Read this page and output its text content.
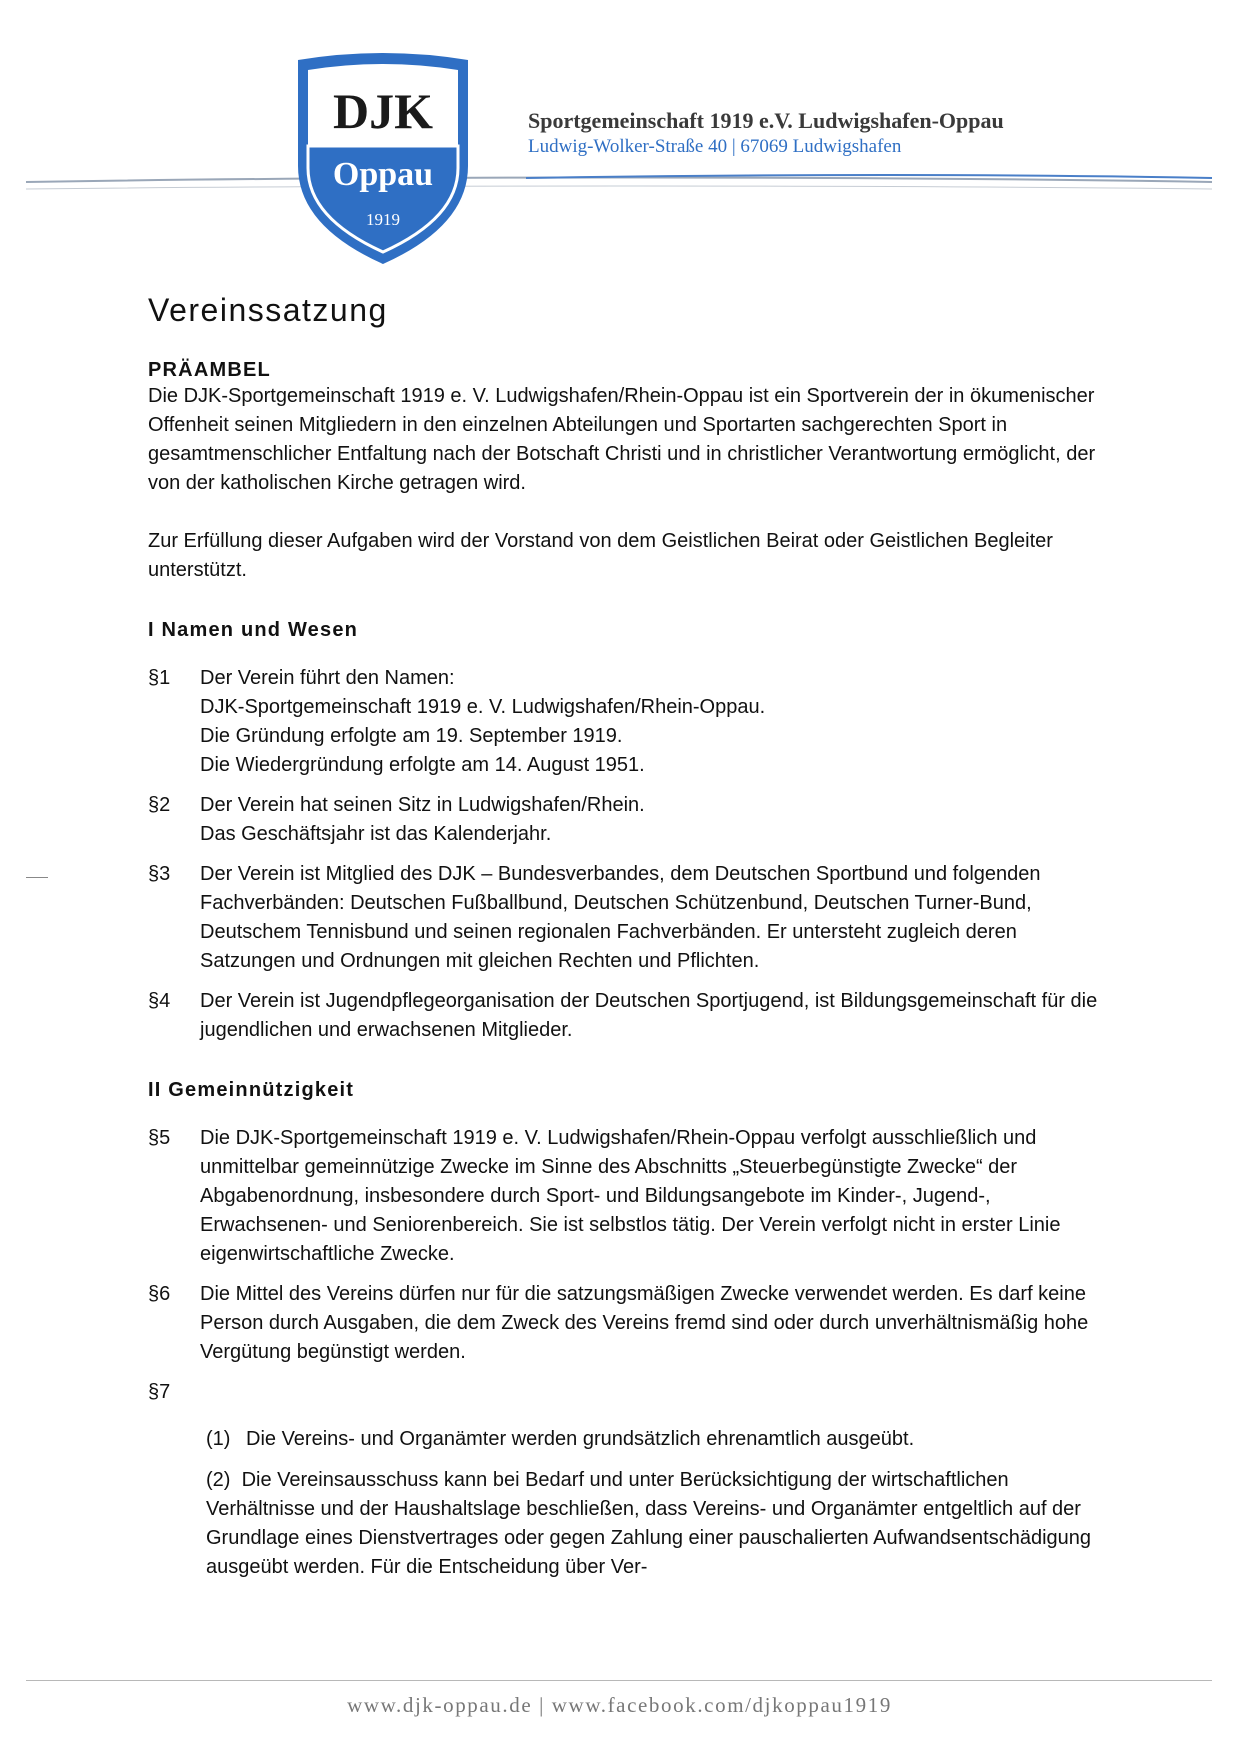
DJK
Oppau
1919
Sportgemeinschaft 1919 e.V. Ludwigshafen-Oppau
Ludwig-Wolker-Straße 40 | 67069 Ludwigshafen
Vereinssatzung
PRÄAMBEL

Die DJK-Sportgemeinschaft 1919 e. V. Ludwigshafen/Rhein-Oppau ist ein Sportverein der in ökumenischer Offenheit seinen Mitgliedern in den einzelnen Abteilungen und Sportarten sachgerechten Sport in gesamtmenschlicher Entfaltung nach der Botschaft Christi und in christlicher Verantwortung ermöglicht, der von der katholischen Kirche getragen wird.

Zur Erfüllung dieser Aufgaben wird der Vorstand von dem Geistlichen Beirat oder Geistlichen Begleiter unterstützt.

I Namen und Wesen
§1	Der Verein führt den Namen:
DJK-Sportgemeinschaft 1919 e. V. Ludwigshafen/Rhein-Oppau.
Die Gründung erfolgte am 19. September 1919.
Die Wiedergründung erfolgte am 14. August 1951.
§2	Der Verein hat seinen Sitz in Ludwigshafen/Rhein.
Das Geschäftsjahr ist das Kalenderjahr.
§3	Der Verein ist Mitglied des DJK – Bundesverbandes, dem Deutschen Sportbund und folgenden Fachverbänden: Deutschen Fußballbund, Deutschen Schützenbund, Deutschen Turner-Bund, Deutschem Tennisbund und seinen regionalen Fachverbänden. Er untersteht zugleich deren Satzungen und Ordnungen mit gleichen Rechten und Pflichten.
§4	Der Verein ist Jugendpflegeorganisation der Deutschen Sportjugend, ist Bildungsgemeinschaft für die jugendlichen und erwachsenen Mitglieder.
II Gemeinnützigkeit
§5	Die DJK-Sportgemeinschaft 1919 e. V. Ludwigshafen/Rhein-Oppau verfolgt ausschließlich und unmittelbar gemeinnützige Zwecke im Sinne des Abschnitts „Steuerbegünstigte Zwecke“ der Abgabenordnung, insbesondere durch Sport- und Bildungsangebote im Kinder-, Jugend-, Erwachsenen- und Seniorenbereich. Sie ist selbstlos tätig. Der Verein verfolgt nicht in erster Linie eigenwirtschaftliche Zwecke.
§6	Die Mittel des Vereins dürfen nur für die satzungsmäßigen Zwecke verwendet werden. Es darf keine Person durch Ausgaben, die dem Zweck des Vereins fremd sind oder durch unverhältnismäßig hohe Vergütung begünstigt werden.
§7
(1) Die Vereins- und Organämter werden grundsätzlich ehrenamtlich ausgeübt.
(2) Die Vereinsausschuss kann bei Bedarf und unter Berücksichtigung der wirtschaftlichen Verhältnisse und der Haushaltslage beschließen, dass Vereins- und Organämter entgeltlich auf der Grundlage eines Dienstvertrages oder gegen Zahlung einer pauschalierten Aufwandsentschädigung ausgeübt werden. Für die Entscheidung über Ver-
www.djk-oppau.de | www.facebook.com/djkoppau1919
